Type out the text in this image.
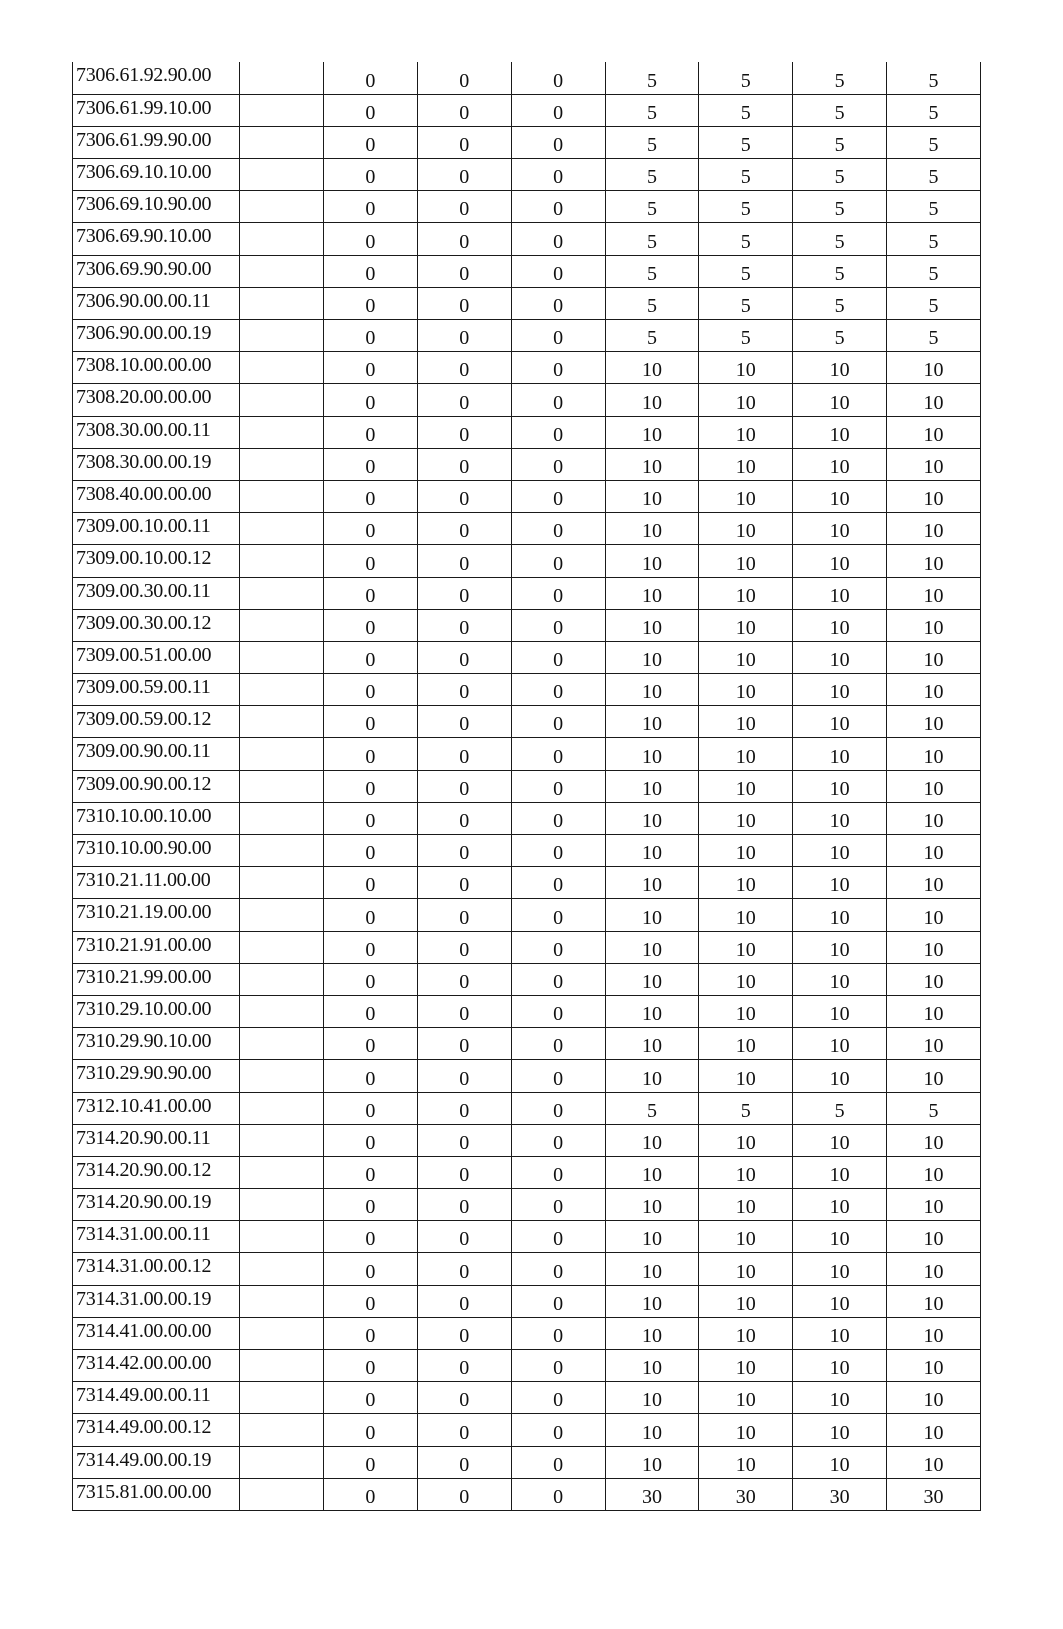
7306.61.92.90.00		0	0	0	5	5	5	5
7306.61.99.10.00		0	0	0	5	5	5	5
7306.61.99.90.00		0	0	0	5	5	5	5
7306.69.10.10.00		0	0	0	5	5	5	5
7306.69.10.90.00		0	0	0	5	5	5	5
7306.69.90.10.00		0	0	0	5	5	5	5
7306.69.90.90.00		0	0	0	5	5	5	5
7306.90.00.00.11		0	0	0	5	5	5	5
7306.90.00.00.19		0	0	0	5	5	5	5
7308.10.00.00.00		0	0	0	10	10	10	10
7308.20.00.00.00		0	0	0	10	10	10	10
7308.30.00.00.11		0	0	0	10	10	10	10
7308.30.00.00.19		0	0	0	10	10	10	10
7308.40.00.00.00		0	0	0	10	10	10	10
7309.00.10.00.11		0	0	0	10	10	10	10
7309.00.10.00.12		0	0	0	10	10	10	10
7309.00.30.00.11		0	0	0	10	10	10	10
7309.00.30.00.12		0	0	0	10	10	10	10
7309.00.51.00.00		0	0	0	10	10	10	10
7309.00.59.00.11		0	0	0	10	10	10	10
7309.00.59.00.12		0	0	0	10	10	10	10
7309.00.90.00.11		0	0	0	10	10	10	10
7309.00.90.00.12		0	0	0	10	10	10	10
7310.10.00.10.00		0	0	0	10	10	10	10
7310.10.00.90.00		0	0	0	10	10	10	10
7310.21.11.00.00		0	0	0	10	10	10	10
7310.21.19.00.00		0	0	0	10	10	10	10
7310.21.91.00.00		0	0	0	10	10	10	10
7310.21.99.00.00		0	0	0	10	10	10	10
7310.29.10.00.00		0	0	0	10	10	10	10
7310.29.90.10.00		0	0	0	10	10	10	10
7310.29.90.90.00		0	0	0	10	10	10	10
7312.10.41.00.00		0	0	0	5	5	5	5
7314.20.90.00.11		0	0	0	10	10	10	10
7314.20.90.00.12		0	0	0	10	10	10	10
7314.20.90.00.19		0	0	0	10	10	10	10
7314.31.00.00.11		0	0	0	10	10	10	10
7314.31.00.00.12		0	0	0	10	10	10	10
7314.31.00.00.19		0	0	0	10	10	10	10
7314.41.00.00.00		0	0	0	10	10	10	10
7314.42.00.00.00		0	0	0	10	10	10	10
7314.49.00.00.11		0	0	0	10	10	10	10
7314.49.00.00.12		0	0	0	10	10	10	10
7314.49.00.00.19		0	0	0	10	10	10	10
7315.81.00.00.00		0	0	0	30	30	30	30
